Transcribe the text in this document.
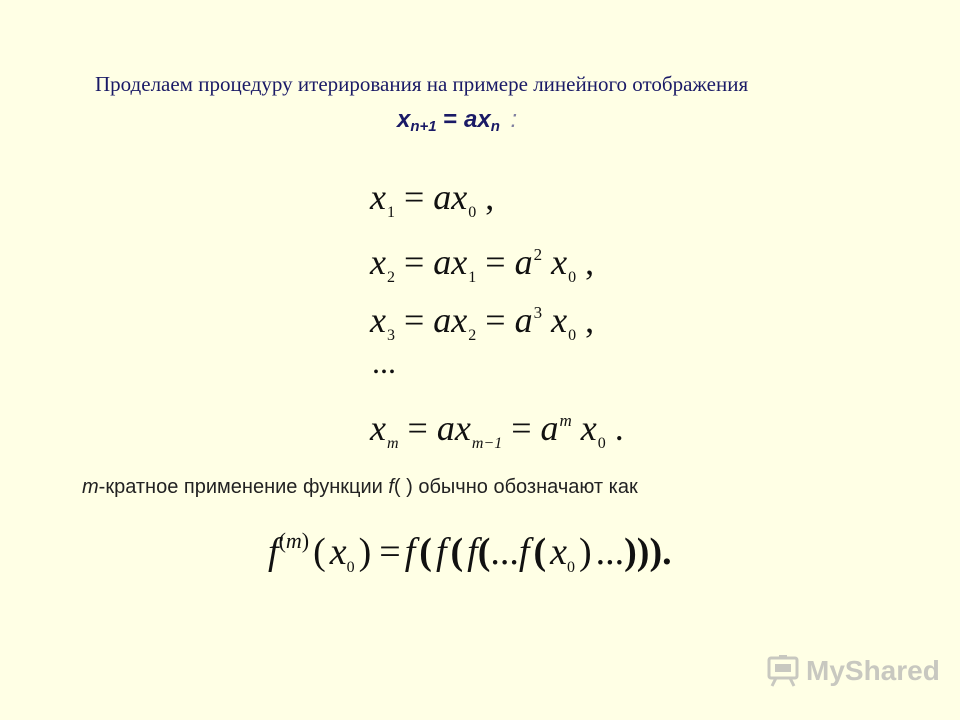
Проделаем процедуру итерирования на примере линейного отображения
$x_{n+1} = ax_n$ :
$x_1 = ax_0$ ,
$x_2 = ax_1 = a^2$ $x_0$ ,
$x_3 = ax_2 = a^3$ $x_0$ ,
...
$x_m = ax_{m-1} = a^m$ $x_0$ .
m-кратное применение функции f( ) обычно обозначают как
$f^{(m)}$ ( $x_0$ ) = f ( f ( f(...f ( $x_0$ ) ...))).
MyShared
